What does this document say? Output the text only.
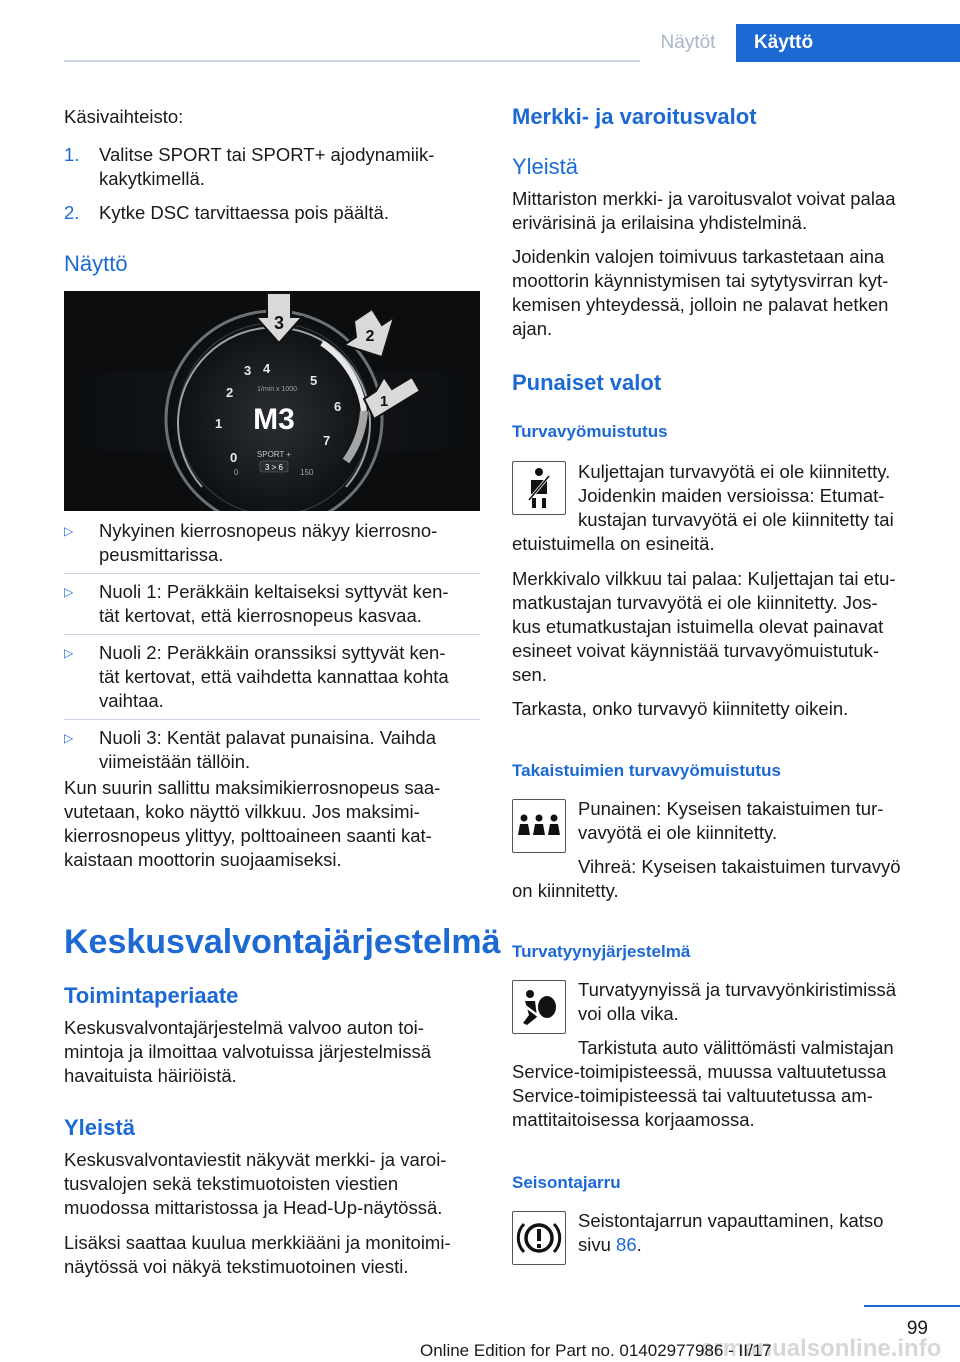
Näytöt	Käyttö
Käsivaihteisto:
1.	Valitse SPORT tai SPORT+ ajodynamiik‐
kakytkimellä.
2.	Kytke DSC tarvittaessa pois päältä.
Näyttö
0
1
2
3 4
5
6
7
1/min x 1000
M3
SPORT +
3 > 6
0	150
3
2
1
▷	Nykyinen kierrosnopeus näkyy kierrosno‐
peusmittarissa.
▷	Nuoli 1: Peräkkäin keltaiseksi syttyvät ken‐
tät kertovat, että kierrosnopeus kasvaa.
▷	Nuoli 2: Peräkkäin oranssiksi syttyvät ken‐
tät kertovat, että vaihdetta kannattaa kohta
vaihtaa.
▷	Nuoli 3: Kentät palavat punaisina. Vaihda
viimeistään tällöin.
Kun suurin sallittu maksimikierrosnopeus saa‐
vutetaan, koko näyttö vilkkuu. Jos maksimi‐
kierrosnopeus ylittyy, polttoaineen saanti kat‐
kaistaan moottorin suojaamiseksi.
Keskusvalvontajärjestelmä
Toimintaperiaate
Keskusvalvontajärjestelmä valvoo auton toi‐
mintoja ja ilmoittaa valvotuissa järjestelmissä
havaituista häiriöistä.
Yleistä
Keskusvalvontaviestit näkyvät merkki- ja varoi‐
tusvalojen sekä tekstimuotoisten viestien
muodossa mittaristossa ja Head-Up-näytössä.
Lisäksi saattaa kuulua merkkiääni ja monitoimi‐
näytössä voi näkyä tekstimuotoinen viesti.
Merkki- ja varoitusvalot
Yleistä
Mittariston merkki- ja varoitusvalot voivat palaa
erivärisinä ja erilaisina yhdistelminä.
Joidenkin valojen toimivuus tarkastetaan aina
moottorin käynnistymisen tai sytytysvirran kyt‐
kemisen yhteydessä, jolloin ne palavat hetken
ajan.
Punaiset valot
Turvavyömuistutus
Kuljettajan turvavyötä ei ole kiinnitetty.
Joidenkin maiden versioissa: Etumat‐
kustajan turvavyötä ei ole kiinnitetty tai
etuistuimella on esineitä.
Merkkivalo vilkkuu tai palaa: Kuljettajan tai etu‐
matkustajan turvavyötä ei ole kiinnitetty. Jos‐
kus etumatkustajan istuimella olevat painavat
esineet voivat käynnistää turvavyömuistutuk‐
sen.
Tarkasta, onko turvavyö kiinnitetty oikein.
Takaistuimien turvavyömuistutus
Punainen: Kyseisen takaistuimen tur‐
vavyötä ei ole kiinnitetty.
Vihreä: Kyseisen takaistuimen turvavyö
on kiinnitetty.
Turvatyynyjärjestelmä
Turvatyynyissä ja turvavyönkiristimissä
voi olla vika.
Tarkistuta auto välittömästi valmistajan
Service-toimipisteessä, muussa valtuutetussa
Service-toimipisteessä tai valtuutetussa am‐
mattitaitoisessa korjaamossa.
Seisontajarru
Seistontajarrun vapauttaminen, katso
sivu 86.
99
armanualsonline.info
Online Edition for Part no. 01402977986 - II/17
